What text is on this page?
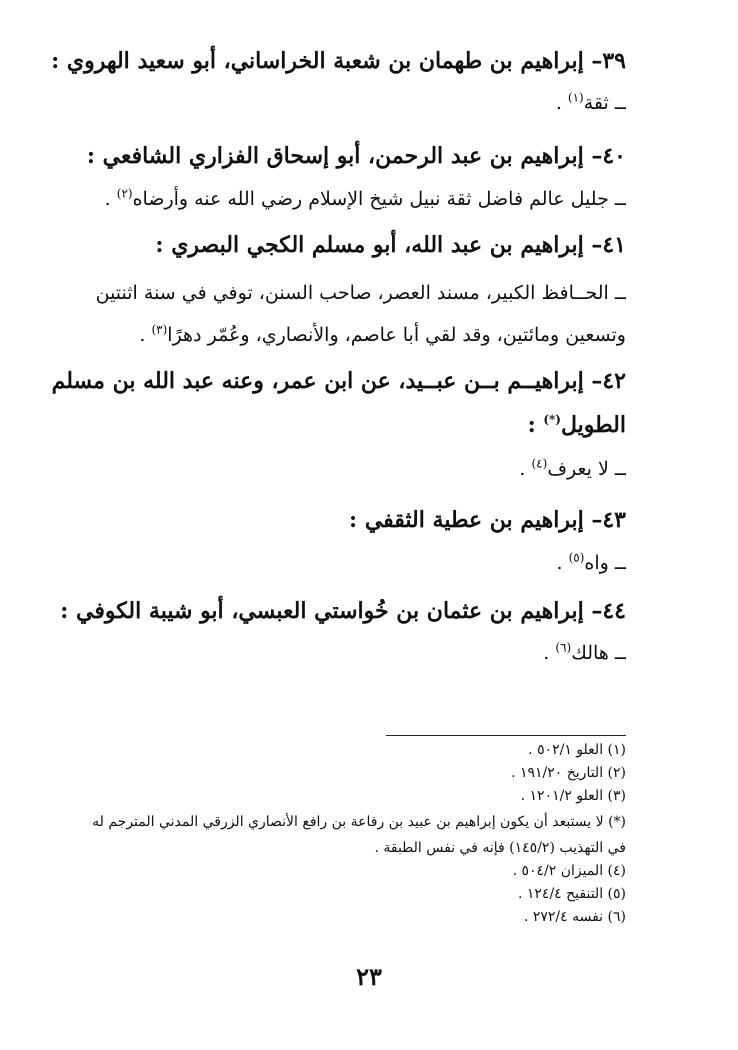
٣٩– إبراهيم بن طهمان بن شعبة الخراساني، أبو سعيد الهروي :
ــ ثقة$^{(١)}$ .
٤٠– إبراهيم بن عبد الرحمن، أبو إسحاق الفزاري الشافعي :
ــ جليل عالم فاضل ثقة نبيل شيخ الإسلام رضي الله عنه وأرضاه$^{(٢)}$ .
٤١– إبراهيم بن عبد الله، أبو مسلم الكجي البصري :
ــ الحــافظ الكبير، مسند العصر، صاحب السنن، توفي في سنة اثنتين
وتسعين ومائتين، وقد لقي أبا عاصم، والأنصاري، وعُمّر دهرًا$^{(٣)}$ .
٤٢– إبراهيــم بــن عبــيد، عن ابن عمر، وعنه عبد الله بن مسلم
الطويل(*) :
ــ لا يعرف$^{(٤)}$ .
٤٣– إبراهيم بن عطية الثقفي :
ــ واه$^{(٥)}$ .
٤٤– إبراهيم بن عثمان بن خُواستي العبسي، أبو شيبة الكوفي :
ــ هالك$^{(٦)}$ .
(١) العلو ٥٠٢/١ .
(٢) التاريخ ١٩١/٢٠ .
(٣) العلو ١٢٠١/٢ .
(*) لا يستبعد أن يكون إبراهيم بن عبيد بن رفاعة بن رافع الأنصاري الزرقي المدني المترجم له
في التهذيب (١٤٥/٢) فإنه في نفس الطبقة .
(٤) الميزان ٥٠٤/٢ .
(٥) التنقيح ١٢٤/٤ .
(٦) نفسه ٢٧٢/٤ .
٢٣
